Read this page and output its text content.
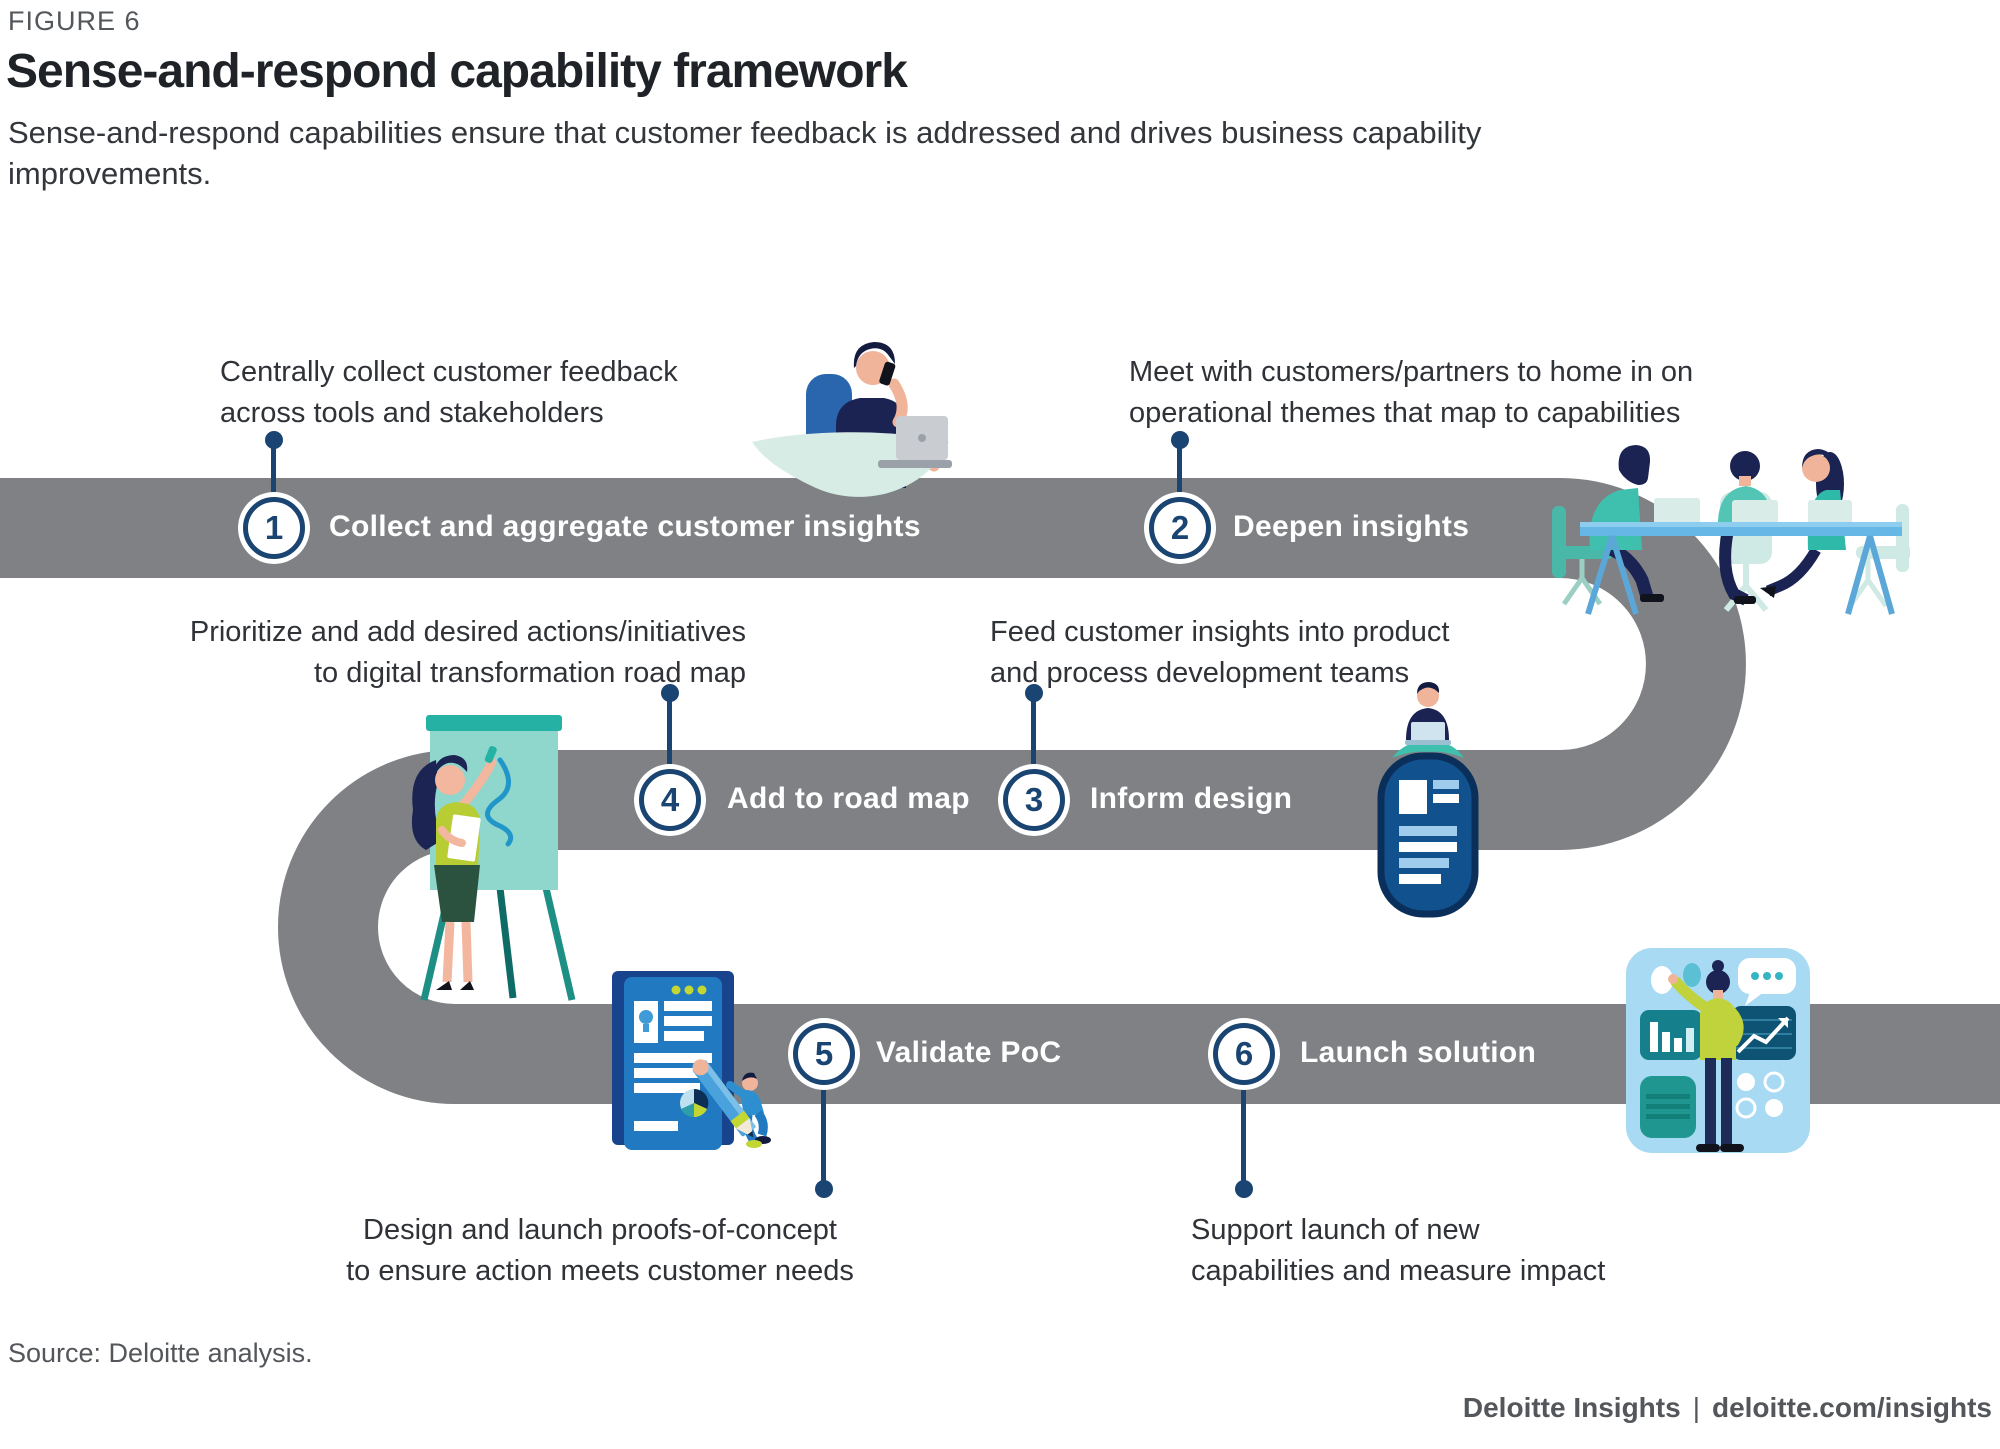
FIGURE 6
Sense-and-respond capability framework
Sense-and-respond capabilities ensure that customer feedback is addressed and drives business capability improvements.
Centrally collect customer feedback
across tools and stakeholders
1 Collect and aggregate customer insights
Meet with customers/partners to home in on
operational themes that map to capabilities
2 Deepen insights
Feed customer insights into product
and process development teams
3 Inform design
Prioritize and add desired actions/initiatives
to digital transformation road map
4 Add to road map
Design and launch proofs-of-concept
to ensure action meets customer needs
5 Validate PoC
Support launch of new
capabilities and measure impact
6 Launch solution
Source: Deloitte analysis.
Deloitte Insights | deloitte.com/insights
